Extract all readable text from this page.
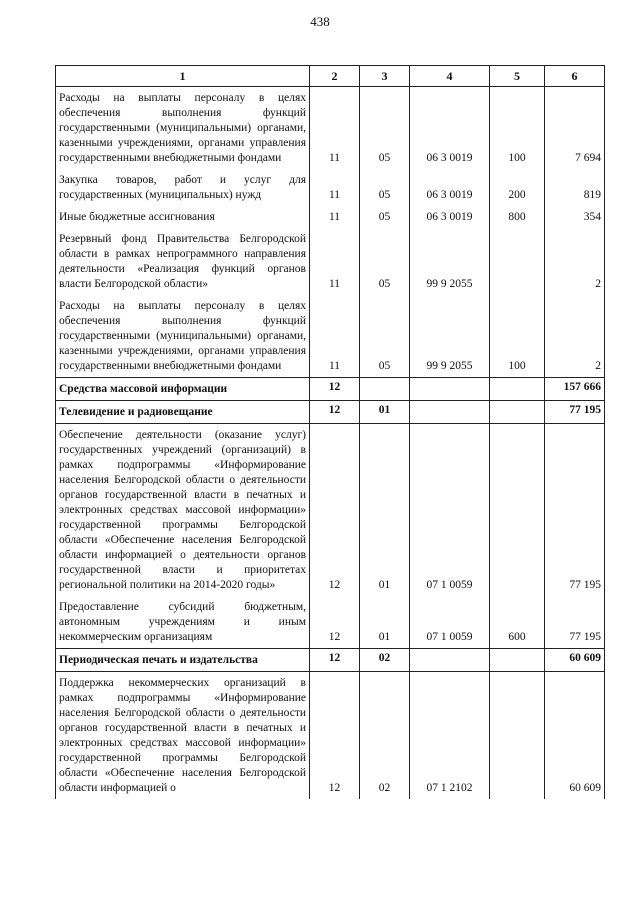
438
1	2	3	4	5	6
Расходы на выплаты персоналу в целях обеспечения выполнения функций государственными (муниципальными) органами, казенными учреждениями, органами управления государственными внебюджетными фондами	11	05	06 3 0019	100	7 694
Закупка товаров, работ и услуг для государственных (муниципальных) нужд	11	05	06 3 0019	200	819
Иные бюджетные ассигнования	11	05	06 3 0019	800	354
Резервный фонд Правительства Белгородской области в рамках непрограммного направления деятельности «Реализация функций органов власти Белгородской области»	11	05	99 9 2055		2
Расходы на выплаты персоналу в целях обеспечения выполнения функций государственными (муниципальными) органами, казенными учреждениями, органами управления государственными внебюджетными фондами	11	05	99 9 2055	100	2
Средства массовой информации	12				157 666
Телевидение и радиовещание	12	01			77 195
Обеспечение деятельности (оказание услуг) государственных учреждений (организаций) в рамках подпрограммы «Информирование населения Белгородской области о деятельности органов государственной власти в печатных и электронных средствах массовой информации» государственной программы Белгородской области «Обеспечение населения Белгородской области информацией о деятельности органов государственной власти и приоритетах региональной политики на 2014-2020 годы»	12	01	07 1 0059		77 195
Предоставление субсидий бюджетным, автономным учреждениям и иным некоммерческим организациям	12	01	07 1 0059	600	77 195
Периодическая печать и издательства	12	02			60 609
Поддержка некоммерческих организаций в рамках подпрограммы «Информирование населения Белгородской области о деятельности органов государственной власти в печатных и электронных средствах массовой информации» государственной программы Белгородской области «Обеспечение населения Белгородской области информацией о	12	02	07 1 2102		60 609
